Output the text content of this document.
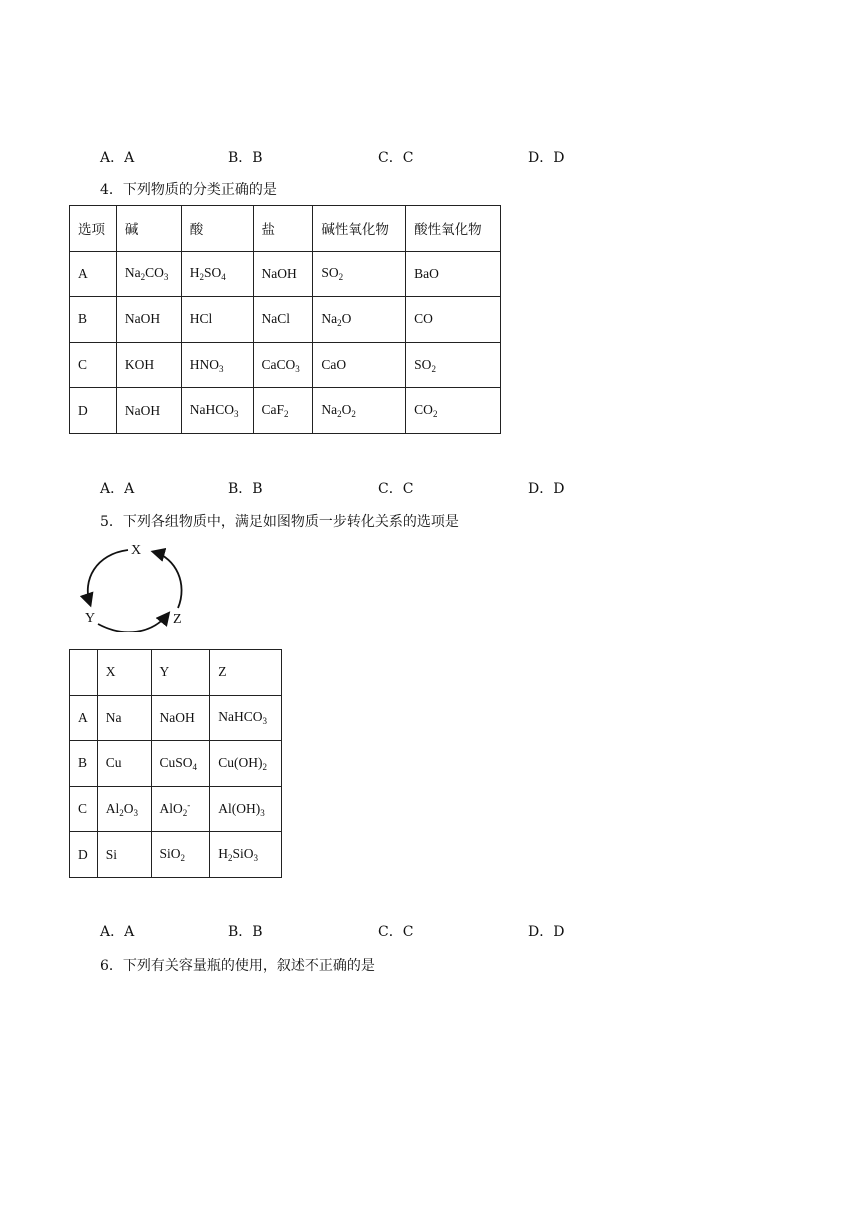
A．A	B．B	C．C	D．D
4．下列物质的分类正确的是
选项	碱	酸	盐	碱性氧化物	酸性氧化物
A	$Na_2CO_3$	$H_2SO_4$	NaOH	$SO_2$	BaO
B	NaOH	HCl	NaCl	$Na_2O$	CO
C	KOH	$HNO_3$	CaCO$_3$	CaO	$SO_2$
D	NaOH	NaHCO$_3$	CaF$_2$	$Na_2O_2$	$CO_2$
A．A	B．B	C．C	D．D
5．下列各组物质中，满足如图物质一步转化关系的选项是
X
Y	Z
	X	Y	Z
A	Na	NaOH	NaHCO$_3$
B	Cu	CuSO$_4$	$Cu(OH)_2$
C	$Al_2O_3$	AlO$_2$-	$Al(OH)_3$
D	Si	SiO$_2$	$H_2SiO_3$
A．A	B．B	C．C	D．D
6．下列有关容量瓶的使用，叙述不正确的是
